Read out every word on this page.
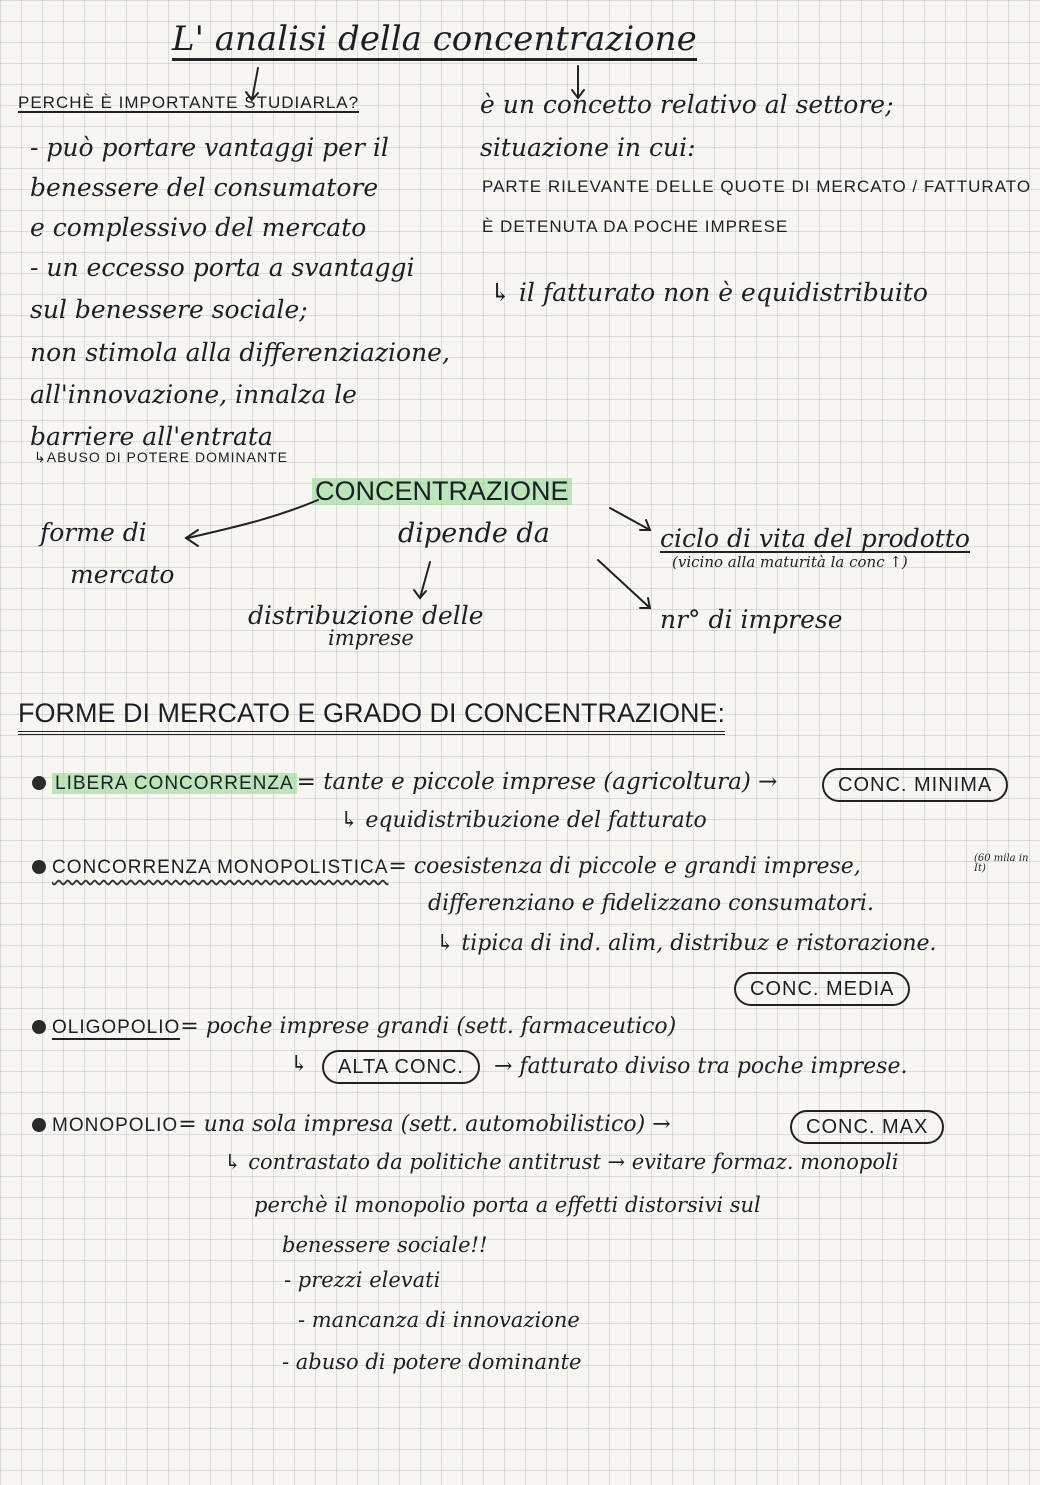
L' analisi della concentrazione
PERCHÈ È IMPORTANTE STUDIARLA?
- può portare vantaggi per il
benessere del consumatore
e complessivo del mercato
- un eccesso porta a svantaggi
sul benessere sociale;
non stimola alla differenziazione,
all'innovazione, innalza le
barriere all'entrata
↳ABUSO DI POTERE DOMINANTE
è un concetto relativo al settore;
situazione in cui:
PARTE RILEVANTE DELLE QUOTE DI MERCATO / FATTURATO
È DETENUTA DA POCHE IMPRESE
↳ il fatturato non è equidistribuito
CONCENTRAZIONE
dipende da
forme di
mercato
distribuzione delle
imprese
ciclo di vita del prodotto
(vicino alla maturità la conc ↑)
nr° di imprese
FORME DI MERCATO E GRADO DI CONCENTRAZIONE:
LIBERA CONCORRENZA = tante e piccole imprese (agricoltura) →	CONC. MINIMA
↳ equidistribuzione del fatturato
CONCORRENZA MONOPOLISTICA= coesistenza di piccole e grandi imprese,	(60 mila in It)
differenziano e fidelizzano consumatori.
↳ tipica di ind. alim, distribuz e ristorazione.
CONC. MEDIA
OLIGOPOLIO= poche imprese grandi (sett. farmaceutico)
↳	ALTA CONC.	→ fatturato diviso tra poche imprese.
MONOPOLIO= una sola impresa (sett. automobilistico) →	CONC. MAX
↳ contrastato da politiche antitrust → evitare formaz. monopoli
perchè il monopolio porta a effetti distorsivi sul
benessere sociale!!
- prezzi elevati
- mancanza di innovazione
- abuso di potere dominante
